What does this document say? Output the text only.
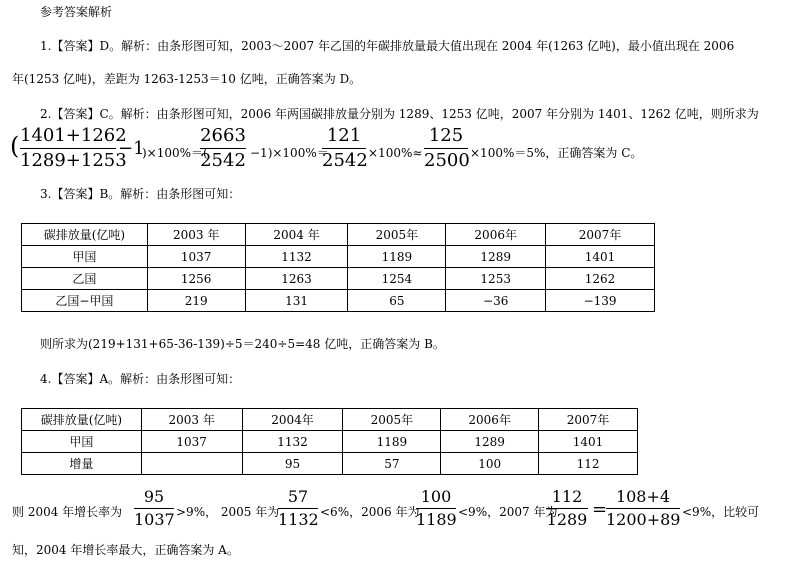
参考答案解析
1.【答案】D。解析：由条形图可知，2003～2007 年乙国的年碳排放量最大值出现在 2004 年(1263 亿吨)，最小值出现在 2006
年(1253 亿吨)，差距为 1263-1253＝10 亿吨，正确答案为 D。
2.【答案】C。解析：由条形图可知，2006 年两国碳排放量分别为 1289、1253 亿吨，2007 年分别为 1401、1262 亿吨，则所求为
( 1401+1262
1289+1253
−1
)×100%＝(
2663
2542 −1)×100%＝
121
2542 ×100%≈
125
2500 ×100%＝5%，正确答案为 C。
3.【答案】B。解析：由条形图可知：
碳排放量(亿吨)	2003 年	2004 年	2005年	2006年	2007年
甲国	1037	1132	1189	1289	1401
乙国	1256	1263	1254	1253	1262
乙国−甲国	219	131	65	−36	−139
则所求为(219+131+65-36-139)÷5＝240÷5=48 亿吨，正确答案为 B。
4.【答案】A。解析：由条形图可知：
碳排放量(亿吨)	2003 年	2004年	2005年	2006年	2007年
甲国	1037	1132	1189	1289	1401
增量		95	57	100	112
则 2004 年增长率为
95
1037 >9%， 2005 年为
57
1132 <6%，2006 年为
100
1189 <9%，2007 年为
112
1289 =
108+4
1200+89 <9%，比较可
知，2004 年增长率最大，正确答案为 A。
